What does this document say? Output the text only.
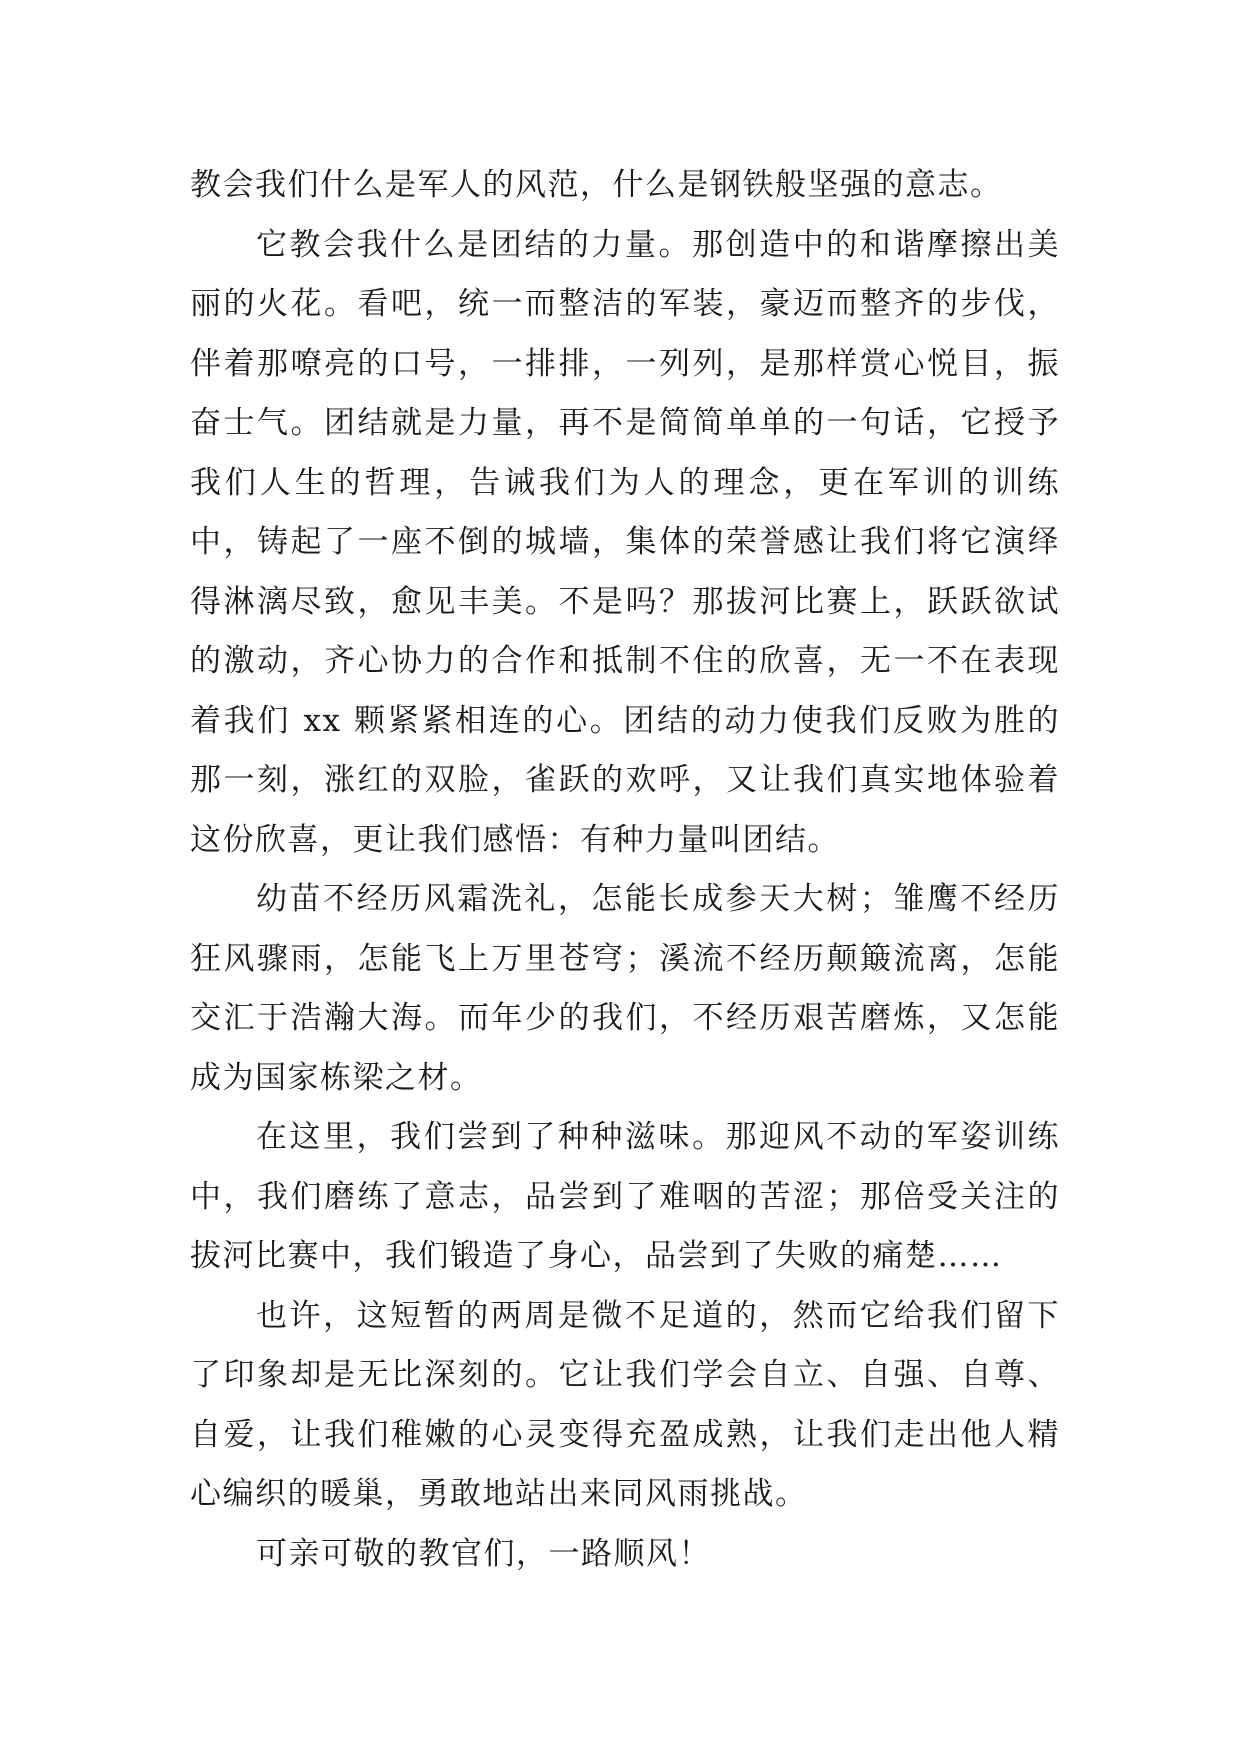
教会我们什么是军人的风范，什么是钢铁般坚强的意志。

它教会我什么是团结的力量。那创造中的和谐摩擦出美丽的火花。看吧，统一而整洁的军装，豪迈而整齐的步伐，伴着那嘹亮的口号，一排排，一列列，是那样赏心悦目，振奋士气。团结就是力量，再不是简简单单的一句话，它授予我们人生的哲理，告诫我们为人的理念，更在军训的训练中，铸起了一座不倒的城墙，集体的荣誉感让我们将它演绎得淋漓尽致，愈见丰美。不是吗？那拔河比赛上，跃跃欲试的激动，齐心协力的合作和抵制不住的欣喜，无一不在表现着我们 xx 颗紧紧相连的心。团结的动力使我们反败为胜的那一刻，涨红的双脸，雀跃的欢呼，又让我们真实地体验着这份欣喜，更让我们感悟：有种力量叫团结。

幼苗不经历风霜洗礼，怎能长成参天大树；雏鹰不经历狂风骤雨，怎能飞上万里苍穹；溪流不经历颠簸流离，怎能交汇于浩瀚大海。而年少的我们，不经历艰苦磨炼，又怎能成为国家栋梁之材。

在这里，我们尝到了种种滋味。那迎风不动的军姿训练中，我们磨练了意志，品尝到了难咽的苦涩；那倍受关注的拔河比赛中，我们锻造了身心，品尝到了失败的痛楚……

也许，这短暂的两周是微不足道的，然而它给我们留下了印象却是无比深刻的。它让我们学会自立、自强、自尊、自爱，让我们稚嫩的心灵变得充盈成熟，让我们走出他人精心编织的暖巢，勇敢地站出来同风雨挑战。

可亲可敬的教官们，一路顺风！
